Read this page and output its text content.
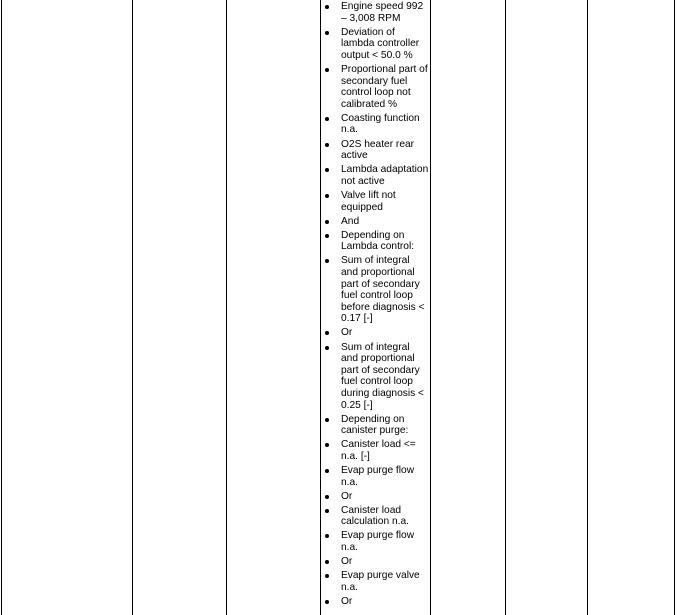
Engine speed 992 – 3,008 RPM
Deviation of lambda controller output < 50.0 %
Proportional part of secondary fuel control loop not calibrated %
Coasting function n.a.
O2S heater rear active
Lambda adaptation not active
Valve lift not equipped
And
Depending on Lambda control:
Sum of integral and proportional part of secondary fuel control loop before diagnosis < 0.17 [-]
Or
Sum of integral and proportional part of secondary fuel control loop during diagnosis < 0.25 [-]
Depending on canister purge:
Canister load <= n.a. [-]
Evap purge flow n.a.
Or
Canister load calculation n.a.
Evap purge flow n.a.
Or
Evap purge valve n.a.
Or
